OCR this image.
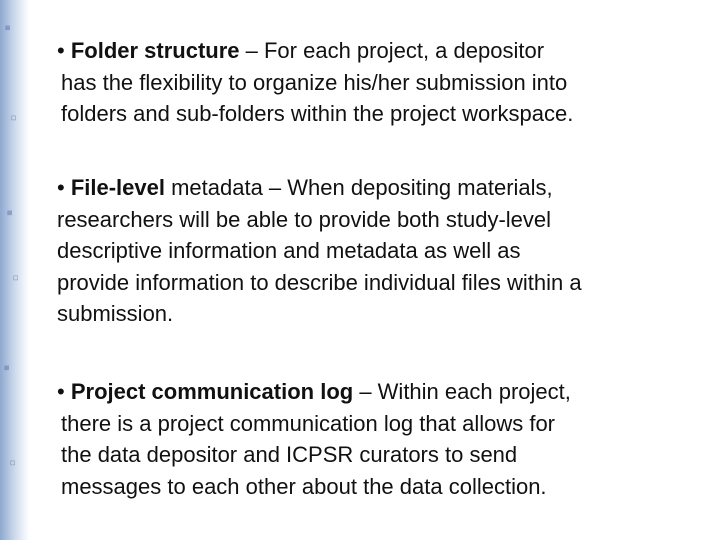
▪
▫
▪
▫
▪
▫
• Folder structure – For each project, a depositor
has the flexibility to organize his/her submission into
folders and sub-folders within the project workspace.
• File-level metadata – When depositing materials,
researchers will be able to provide both study-level
descriptive information and metadata as well as
provide information to describe individual files within a
submission.
• Project communication log – Within each project,
there is a project communication log that allows for
the data depositor and ICPSR curators to send
messages to each other about the data collection.
